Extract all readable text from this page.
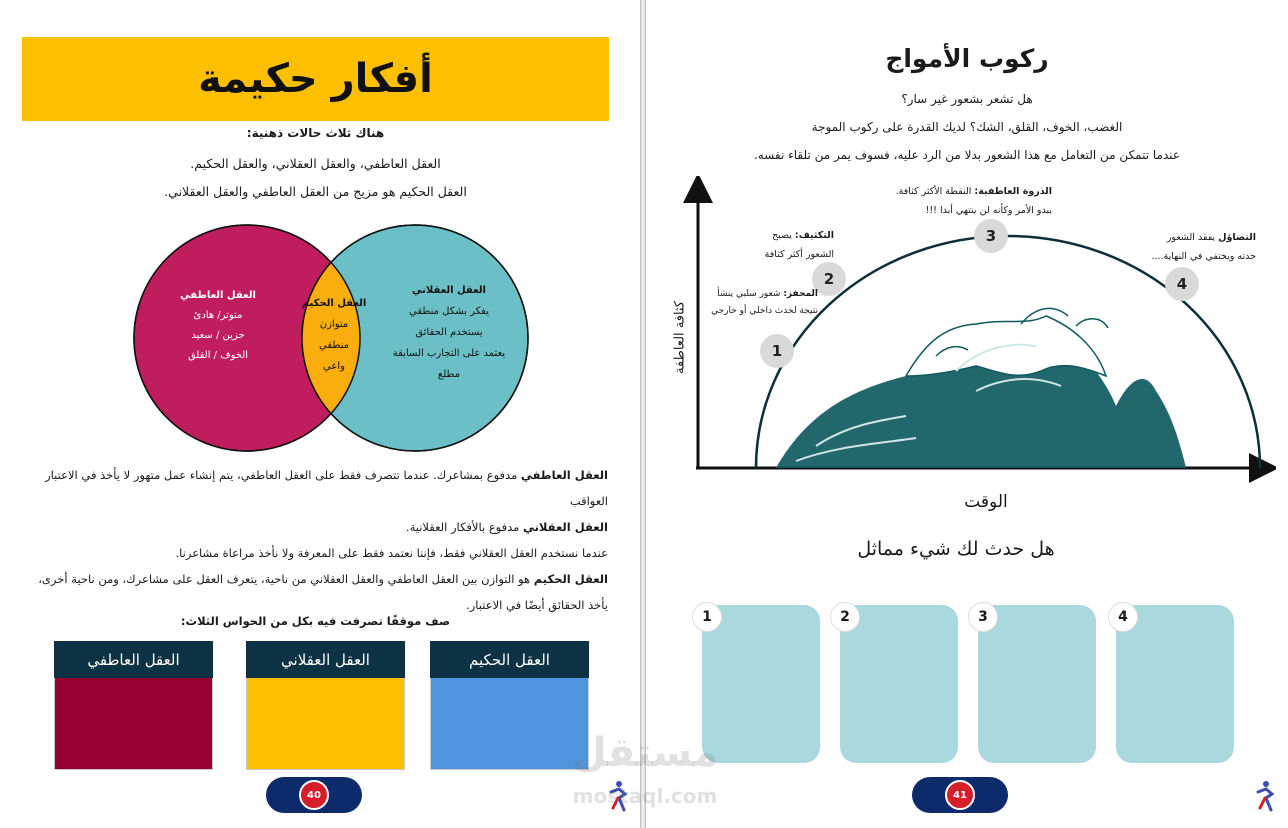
أفكار حكيمة
هناك ثلاث حالات ذهنية:
العقل العاطفي، والعقل العقلاني، والعقل الحكيم.
العقل الحكيم هو مزيج من العقل العاطفي والعقل العقلاني.
العقل العاطفي
متوتر/ هادئ
حزين / سعيد
الخوف / القلق
العقل الحكيم
متوازن
منطقي
واعي
العقل العقلاني
يفكر بشكل منطقي
يستخدم الحقائق
يعتمد على التجارب السابقة
مطلع
العقل العاطفي مدفوع بمشاعرك. عندما تتصرف فقط على العقل العاطفي، يتم إنشاء عمل متهور لا يأخذ في الاعتبار العواقب
العقل العقلاني مدفوع بالأفكار العقلانية.
عندما نستخدم العقل العقلاني فقط، فإننا نعتمد فقط على المعرفة ولا نأخذ مراعاة مشاعرنا.
العقل الحكيم هو التوازن بين العقل العاطفي والعقل العقلاني من ناحية، يتعرف العقل على مشاعرك، ومن ناحية أخرى، يأخذ الحقائق أيضًا في الاعتبار.
صف موقفًا تصرفت فيه بكل من الحواس الثلاث:
العقل العاطفي	العقل العقلاني	العقل الحكيم
40
ركوب الأمواج
هل تشعر بشعور غير سار؟
الغضب، الخوف، القلق، الشك؟ لديك القدرة على ركوب الموجة
عندما تتمكن من التعامل مع هذا الشعور بدلا من الرد عليه، فسوف يمر من تلقاء نفسه.
كثافة العاطفة
الوقت
1
2
3
4
المحفز: شعور سلبي ينشأ
نتيجة لحدث داخلي أو خارجي
التكثيف: يصبح
الشعور أكثر كثافة
الذروة العاطفية: النقطة الأكثر كثافة.
يبدو الأمر وكأنه لن ينتهي أبدا !!!
التضاؤل يفقد الشعور
حدته ويختفي في النهاية....
هل حدث لك شيء مماثل
1	2	3	4
41
مستقل
mostaql.com
